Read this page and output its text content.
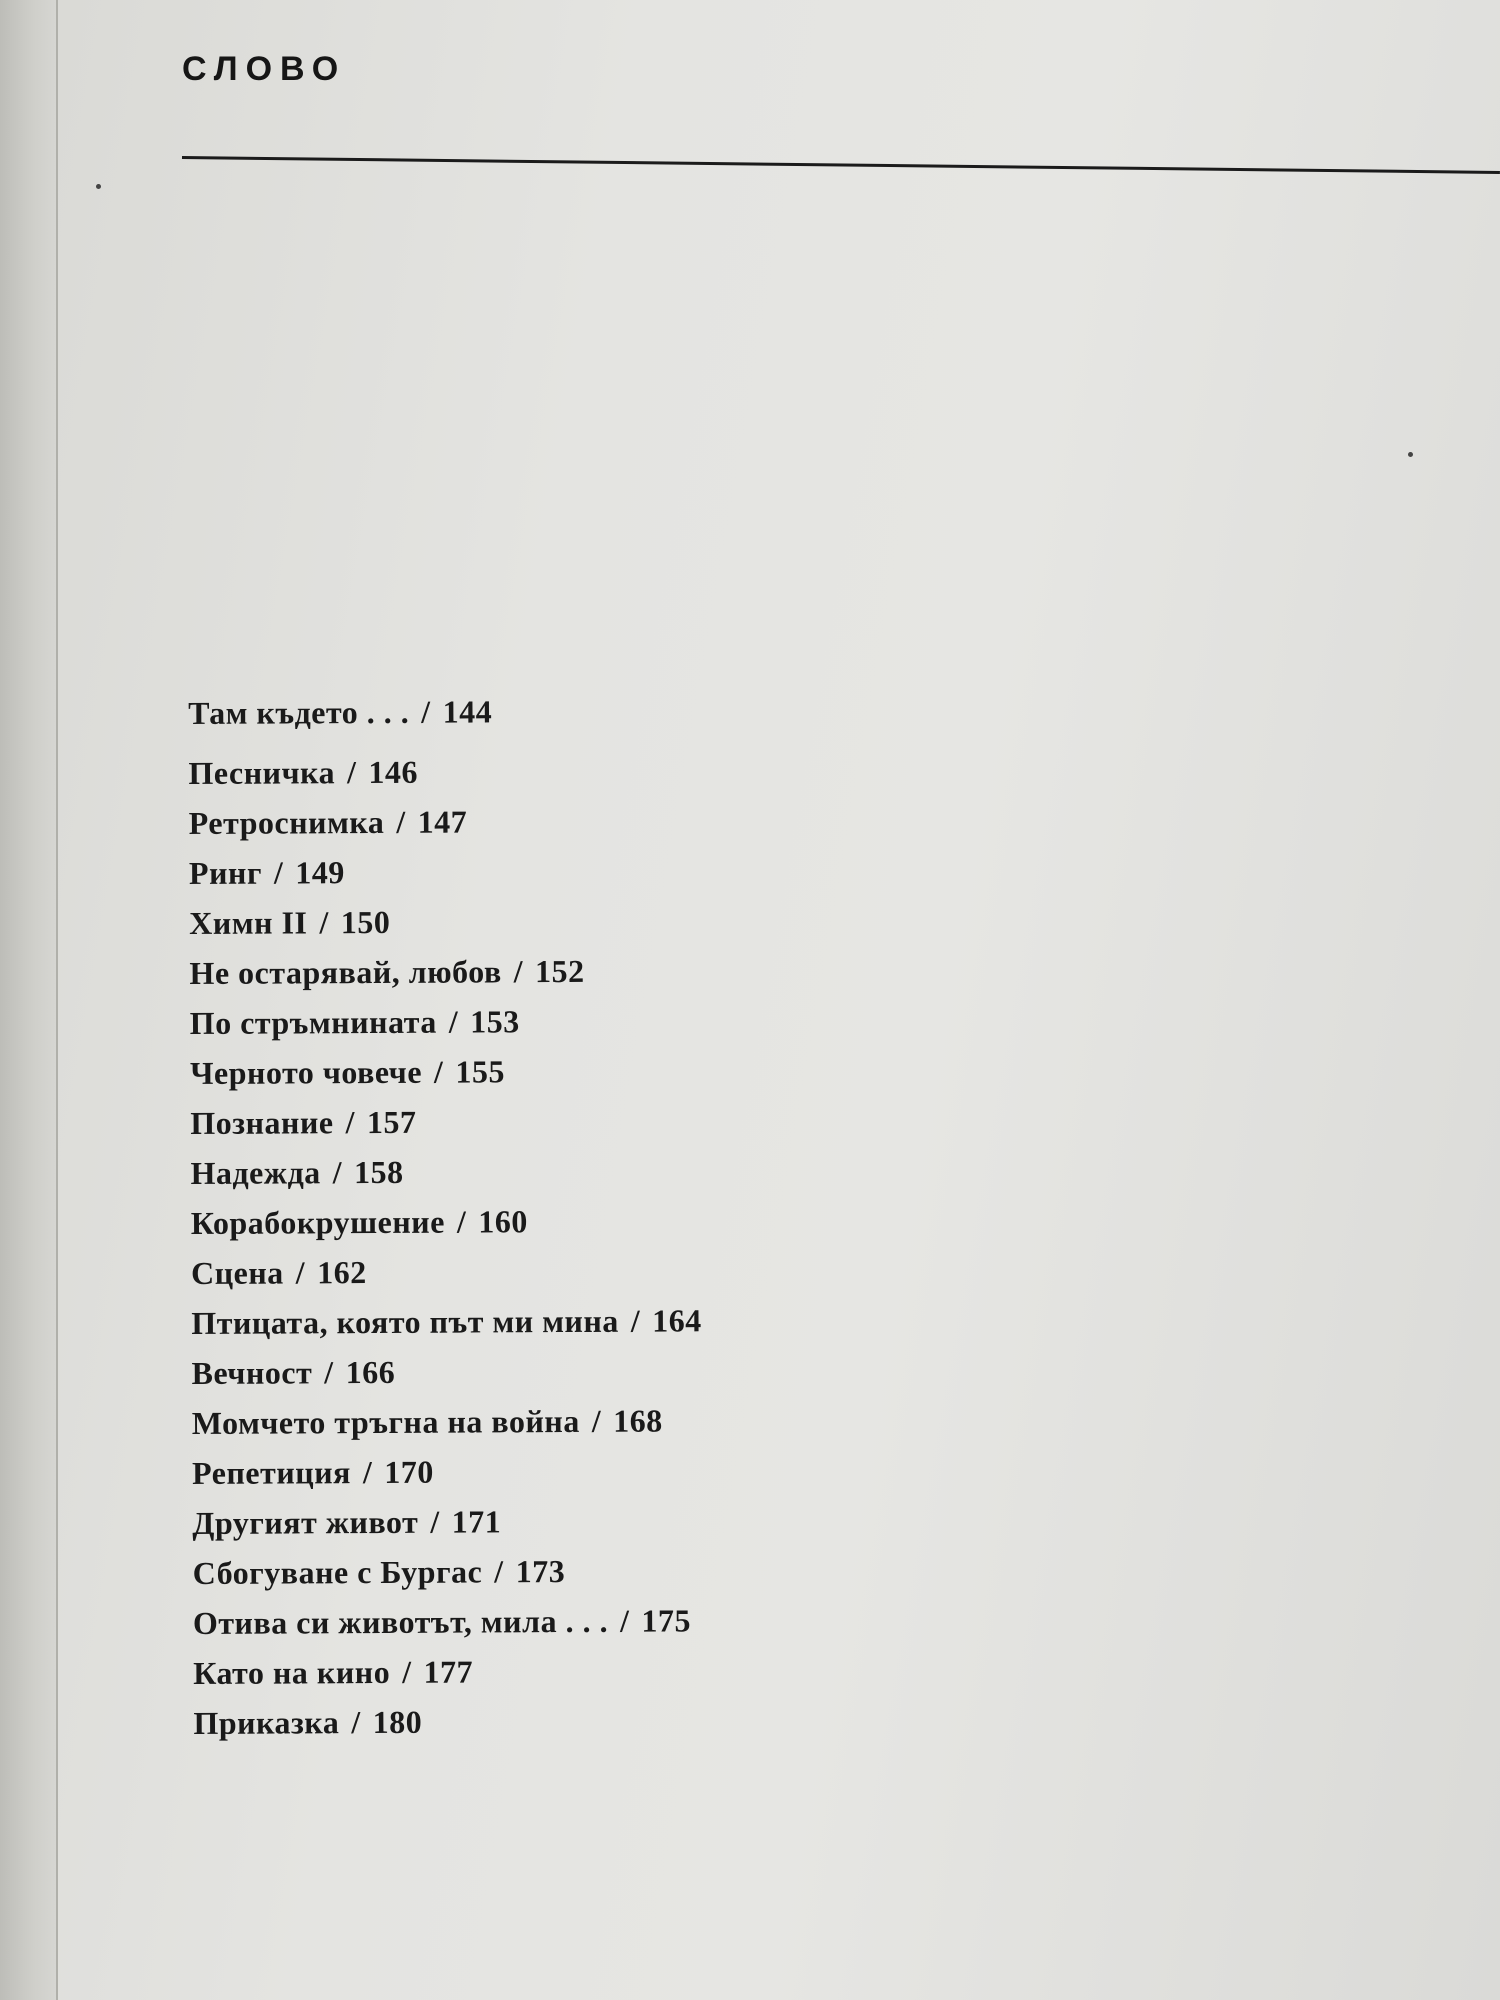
СЛОВО
Там където . . . / 144
Песничка / 146
Ретроснимка / 147
Ринг / 149
Химн II / 150
Не остарявай, любов / 152
По стръмнината / 153
Черното човече / 155
Познание / 157
Надежда / 158
Корабокрушение / 160
Сцена / 162
Птицата, която път ми мина / 164
Вечност / 166
Момчето тръгна на война / 168
Репетиция / 170
Другият живот / 171
Сбогуване с Бургас / 173
Отива си животът, мила . . . / 175
Като на кино / 177
Приказка / 180
